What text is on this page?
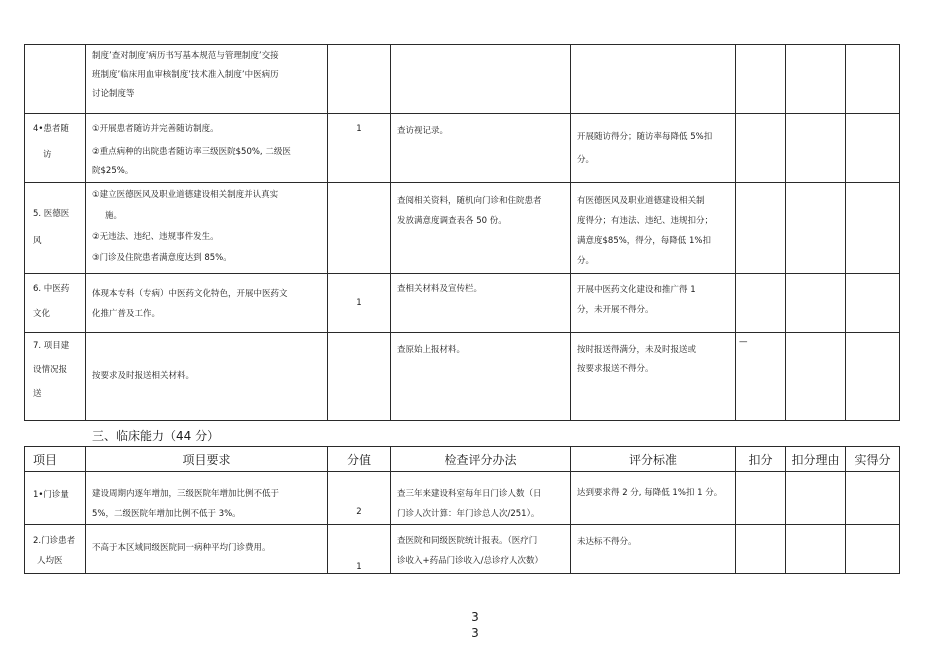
	制度’查对制度’病历书写基本规范与管理制度’交接
班制度’临床用血审核制度’技术准入制度’中医病历
讨论制度等						

4•患者随
访	①开展患者随访并完善随访制度。
②重点病种的出院患者随访率三级医院$50%, 二级医
院$25%。	1	查访视记录。	开展随访得分；随访率每降低 5%扣
分。			

5. 医德医
风	①建立医德医风及职业道德建设相关制度并认真实
施。
②无违法、违纪、违规事件发生。
③门诊及住院患者满意度达到 85%。		查阅相关资料，随机向门诊和住院患者
发放满意度调查表各 50 份。	有医德医风及职业道德建设相关制
度得分；有违法、违纪、违规扣分；
满意度$85%，得分，每降低 1%扣
分。			

6. 中医药
文化	体现本专科（专病）中医药文化特色，开展中医药文
化推广普及工作。	1	查相关材料及宣传栏。	开展中医药文化建设和推广得 1
分，未开展不得分。			

7. 项目建
设情况报
送	按要求及时报送相关材料。		查原始上报材料。	按时报送得满分，未及时报送或
按要求报送不得分。	—		
三、临床能力（44 分）
项目	项目要求	分值	检查评分办法	评分标准	扣分	扣分理由	实得分
1•门诊量	建设周期内逐年增加，三级医院年增加比例不低于
5%，二级医院年增加比例不低于 3%。	2	查三年来建设科室每年日门诊人数（日
门诊人次计算：年门诊总人次/251）。	达到要求得 2 分, 每降低 1%扣 1 分。			

2.门诊患者
人均医	不高于本区域同级医院同一病种平均门诊费用。	1	查医院和同级医院统计报表。（医疗门
诊收入+药品门诊收入/总诊疗人次数）	未达标不得分。			
3
3
